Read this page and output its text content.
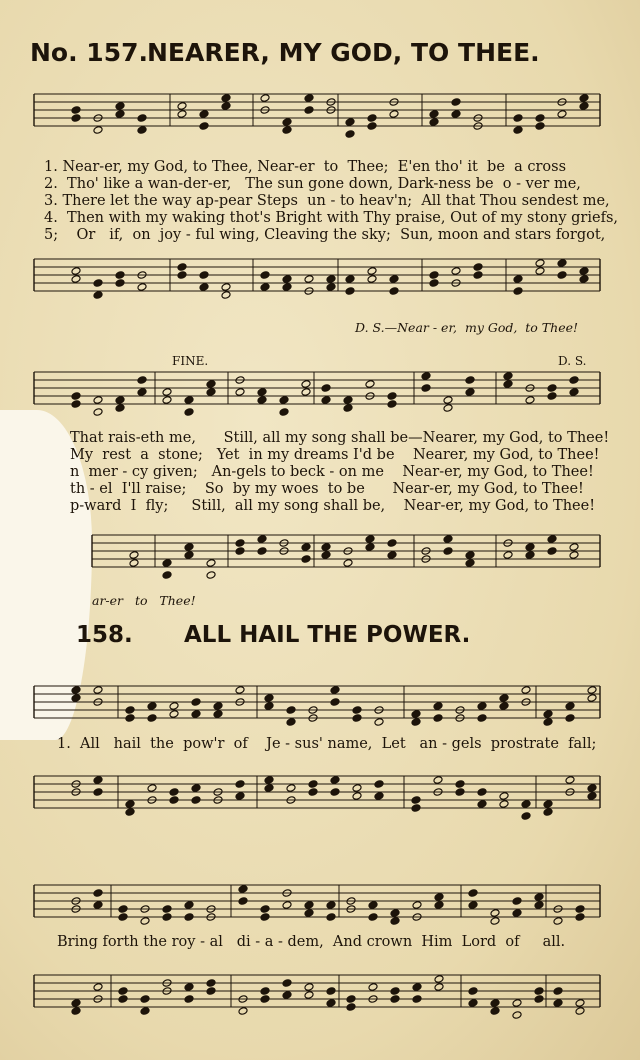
No. 157. NEARER, MY GOD, TO THEE.
1. Near-er, my God, to Thee, Near-er  to  Thee;  E'en tho' it  be  a cross
2.  Tho' like a wan-der-er,   The sun gone down, Dark-ness be  o - ver me,
3. There let the way ap-pear Steps  un - to heav'n;  All that Thou sendest me,
4.  Then with my waking thot's Bright with Thy praise, Out of my stony griefs,
5;    Or   if,  on  joy - ful wing, Cleaving the sky;  Sun, moon and stars forgot,
D. S.—Near - er,  my God,  to Thee!
FINE.	D. S.
That rais-eth me,      Still, all my song shall be—Nearer, my God, to Thee!
My  rest  a  stone;   Yet  in my dreams I'd be    Nearer, my God, to Thee!
n  mer - cy given;   An-gels to beck - on me    Near-er, my God, to Thee!
th - el  I'll raise;    So  by my woes  to be      Near-er, my God, to Thee!
p-ward  I  fly;     Still,  all my song shall be,    Near-er, my God, to Thee!
ar-er   to   Thee!
158. ALL HAIL THE POWER.
1.  All   hail  the  pow'r  of    Je - sus' name,  Let   an - gels  prostrate  fall;
Bring forth the roy - al   di - a - dem,  And crown  Him  Lord  of     all.
